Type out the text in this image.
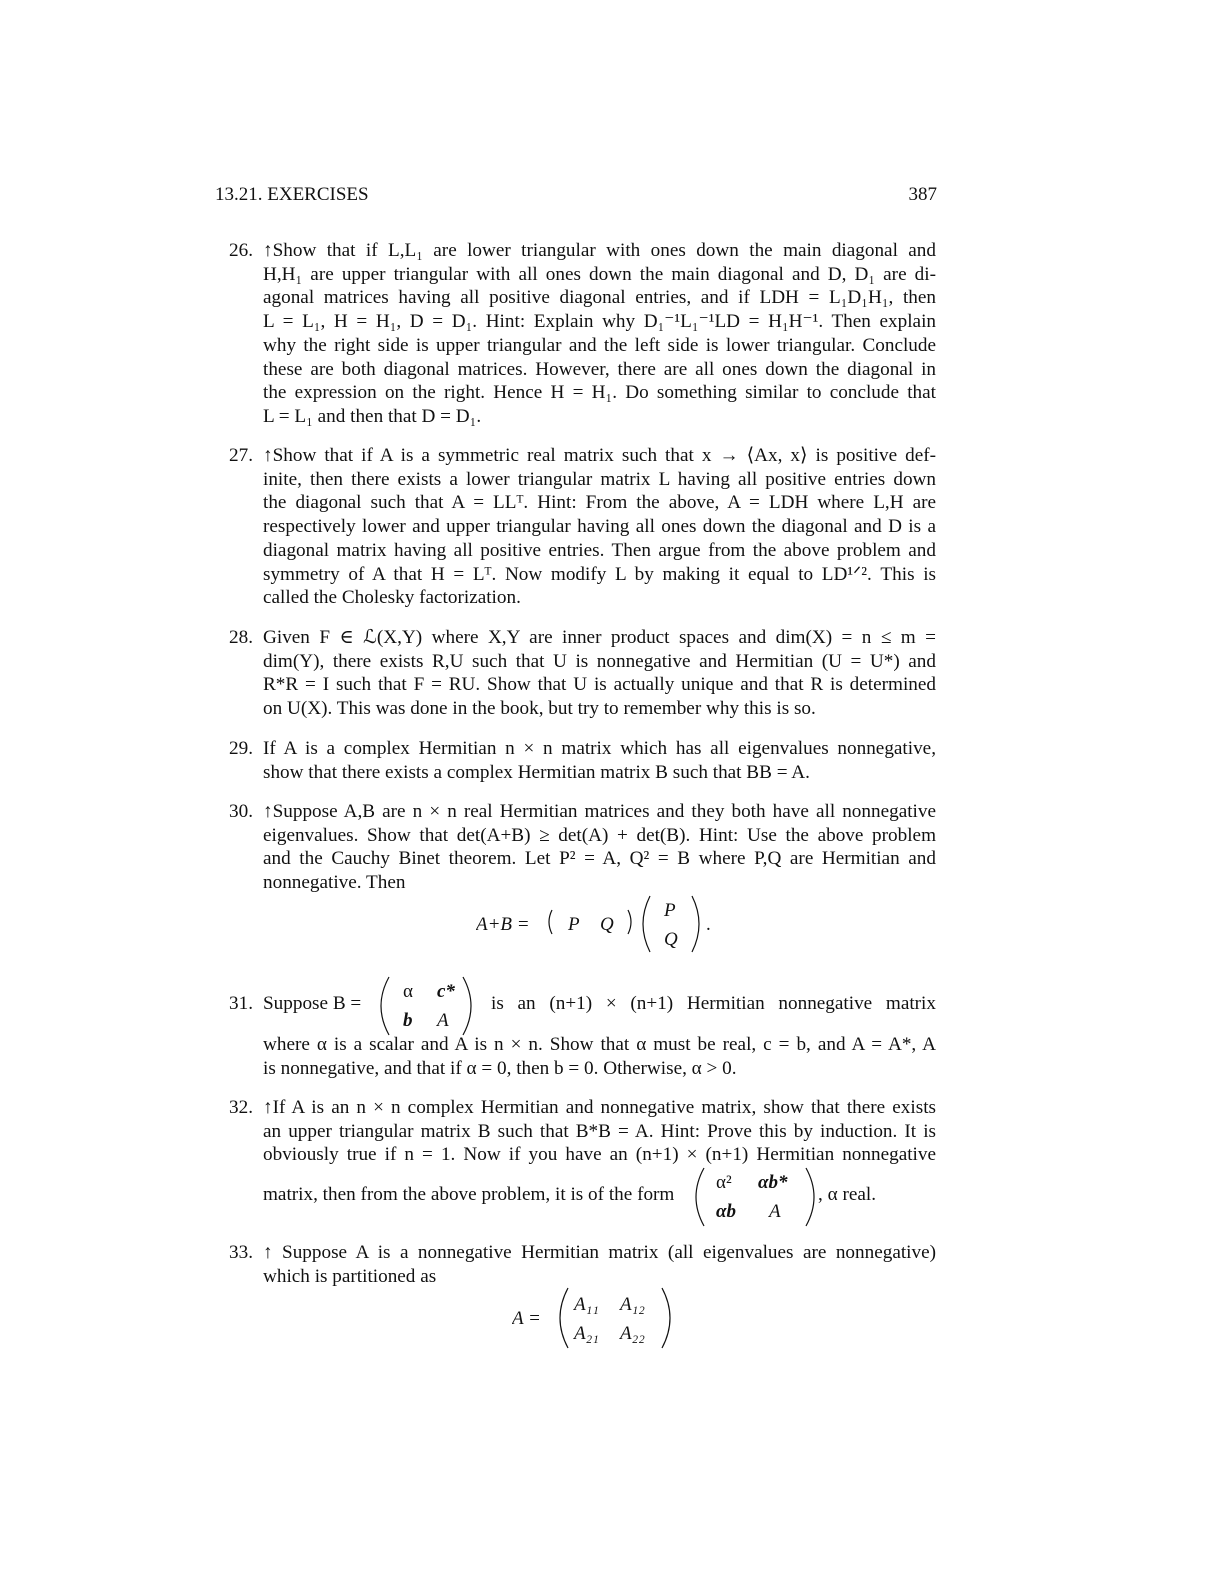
13.21. EXERCISES	387
26. ↑Show that if L,L₁ are lower triangular with ones down the main diagonal and
H,H₁ are upper triangular with all ones down the main diagonal and D, D₁ are di-
agonal matrices having all positive diagonal entries, and if LDH = L₁D₁H₁, then
L = L₁, H = H₁, D = D₁. Hint: Explain why D₁⁻¹L₁⁻¹LD = H₁H⁻¹. Then explain
why the right side is upper triangular and the left side is lower triangular. Conclude
these are both diagonal matrices. However, there are all ones down the diagonal in
the expression on the right. Hence H = H₁. Do something similar to conclude that
L = L₁ and then that D = D₁.
27. ↑Show that if A is a symmetric real matrix such that x → ⟨Ax, x⟩ is positive def-
inite, then there exists a lower triangular matrix L having all positive entries down
the diagonal such that A = LLᵀ. Hint: From the above, A = LDH where L,H are
respectively lower and upper triangular having all ones down the diagonal and D is a
diagonal matrix having all positive entries. Then argue from the above problem and
symmetry of A that H = Lᵀ. Now modify L by making it equal to LD¹ᐟ². This is
called the Cholesky factorization.
28. Given F ∈ ℒ(X,Y) where X,Y are inner product spaces and dim(X) = n ≤ m =
dim(Y), there exists R,U such that U is nonnegative and Hermitian (U = U*) and
R*R = I such that F = RU. Show that U is actually unique and that R is determined
on U(X). This was done in the book, but try to remember why this is so.
29. If A is a complex Hermitian n × n matrix which has all eigenvalues nonnegative,
show that there exists a complex Hermitian matrix B such that BB = A.
30. ↑Suppose A,B are n × n real Hermitian matrices and they both have all nonnegative
eigenvalues. Show that det(A+B) ≥ det(A) + det(B). Hint: Use the above problem
and the Cauchy Binet theorem. Let P² = A, Q² = B where P,Q are Hermitian and
nonnegative. Then
A+B = P Q
P
Q
.
31. Suppose B =
α c*
b A
is an (n+1) × (n+1) Hermitian nonnegative matrix
where α is a scalar and A is n × n. Show that α must be real, c = b, and A = A*, A
is nonnegative, and that if α = 0, then b = 0. Otherwise, α > 0.
32. ↑If A is an n × n complex Hermitian and nonnegative matrix, show that there exists
an upper triangular matrix B such that B*B = A. Hint: Prove this by induction. It is
obviously true if n = 1. Now if you have an (n+1) × (n+1) Hermitian nonnegative
matrix, then from the above problem, it is of the form
α² αb*
αb A
, α real.
33. ↑ Suppose A is a nonnegative Hermitian matrix (all eigenvalues are nonnegative)
which is partitioned as
A =
A₁₁ A₁₂
A₂₁ A₂₂
